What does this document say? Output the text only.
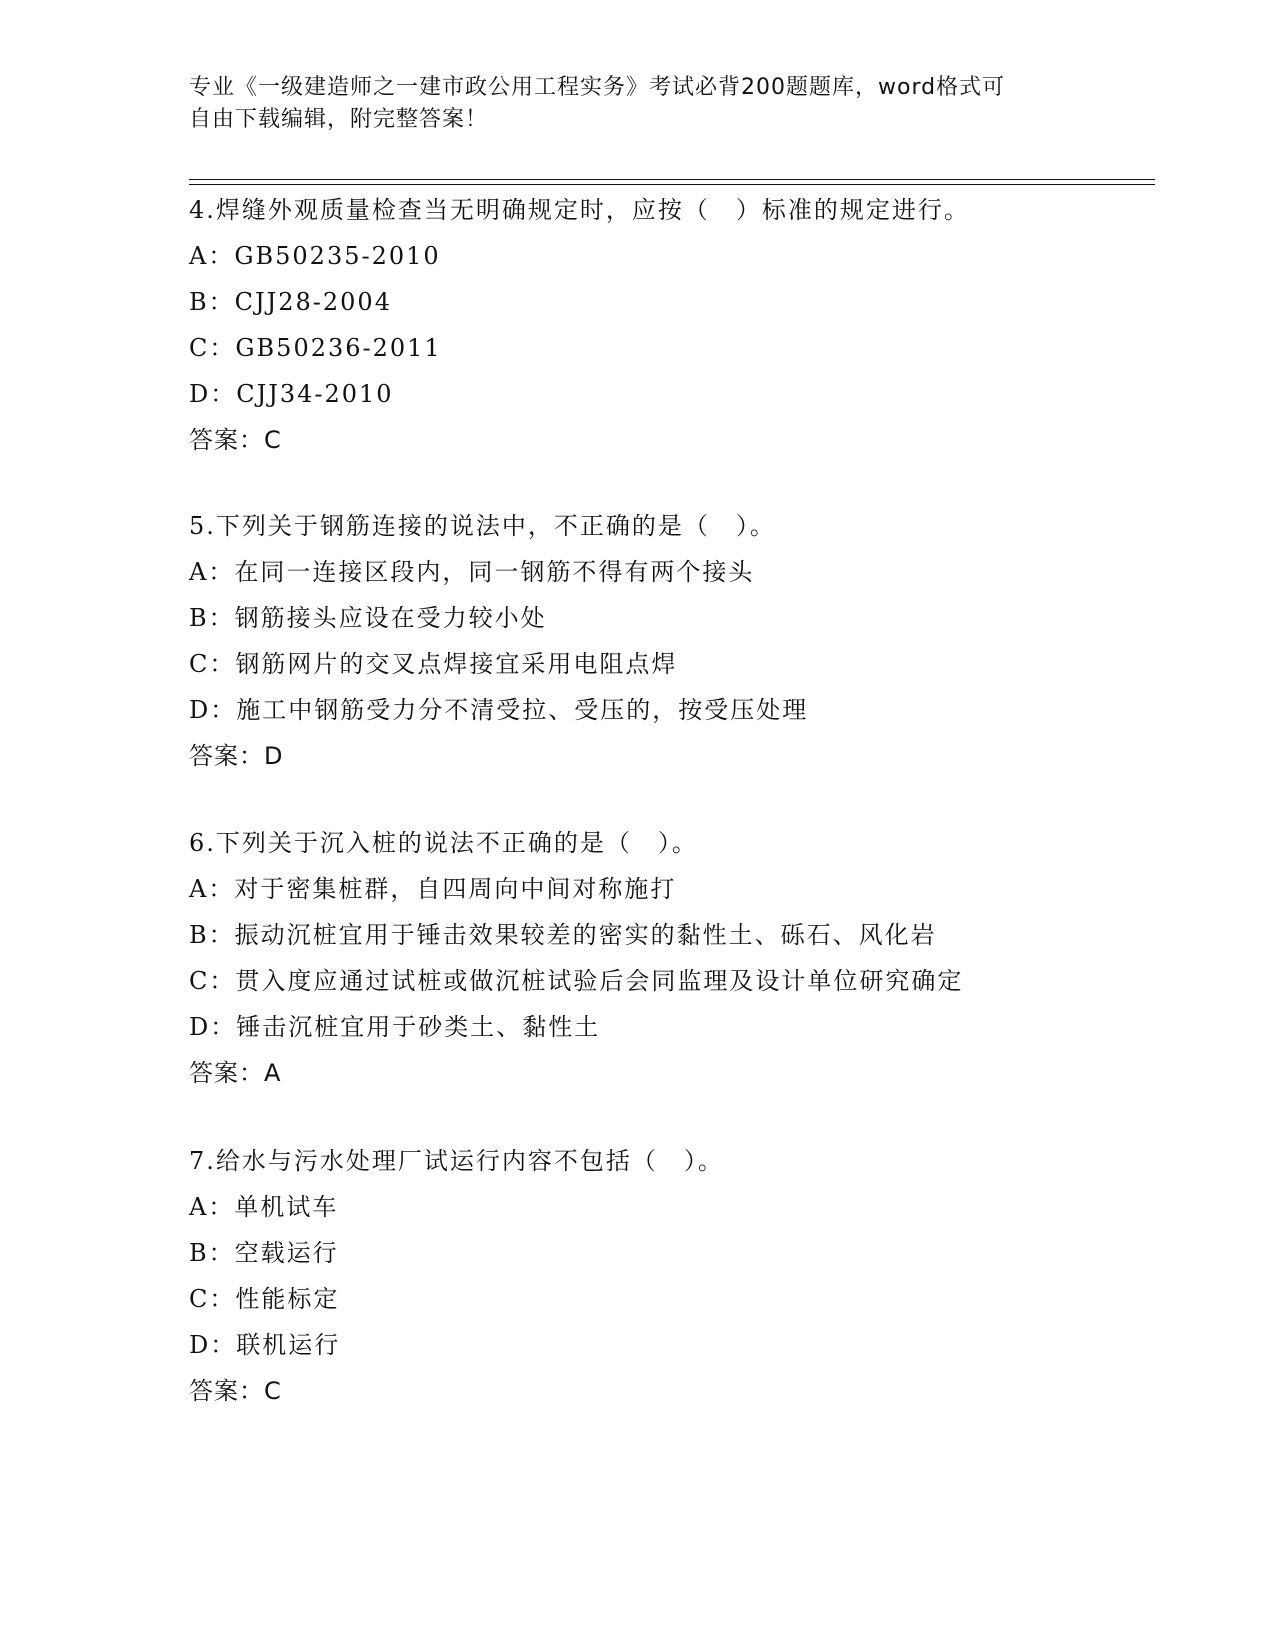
专业《一级建造师之一建市政公用工程实务》考试必背200题题库，word格式可
自由下载编辑，附完整答案！
4.焊缝外观质量检查当无明确规定时，应按（　）标准的规定进行。
A：GB50235-2010
B：CJJ28-2004
C：GB50236-2011
D：CJJ34-2010
答案：C
5.下列关于钢筋连接的说法中，不正确的是（　）。
A：在同一连接区段内，同一钢筋不得有两个接头
B：钢筋接头应设在受力较小处
C：钢筋网片的交叉点焊接宜采用电阻点焊
D：施工中钢筋受力分不清受拉、受压的，按受压处理
答案：D
6.下列关于沉入桩的说法不正确的是（　）。
A：对于密集桩群，自四周向中间对称施打
B：振动沉桩宜用于锤击效果较差的密实的黏性土、砾石、风化岩
C：贯入度应通过试桩或做沉桩试验后会同监理及设计单位研究确定
D：锤击沉桩宜用于砂类土、黏性土
答案：A
7.给水与污水处理厂试运行内容不包括（　）。
A：单机试车
B：空载运行
C：性能标定
D：联机运行
答案：C
